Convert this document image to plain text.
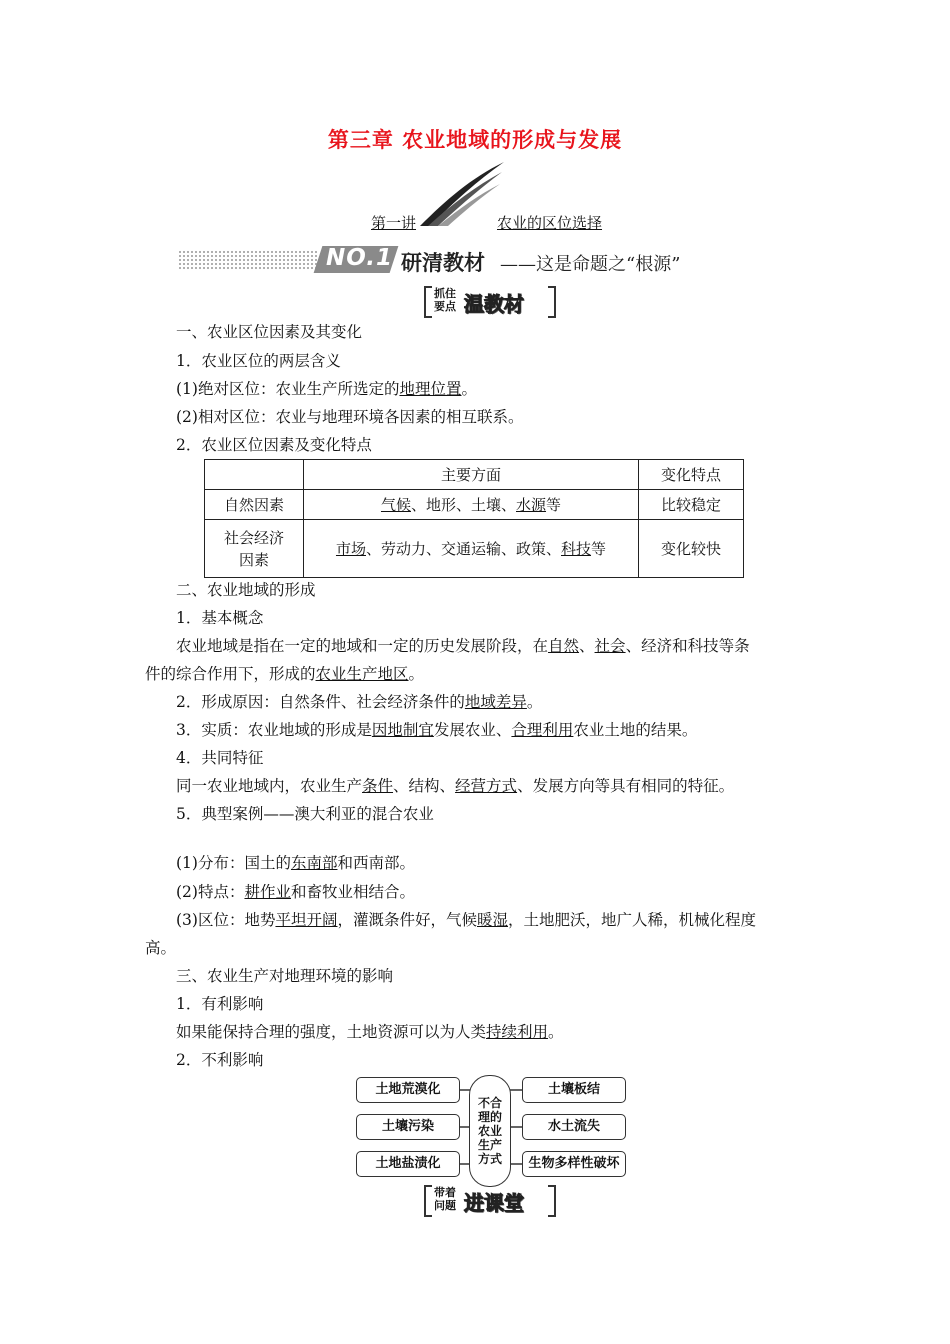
第三章 农业地域的形成与发展
第一讲	农业的区位选择
NO.1 研清教材 ——这是命题之“根源”
抓住
要点 温教材
一、农业区位因素及其变化
1．农业区位的两层含义
(1)绝对区位：农业生产所选定的地理位置。
(2)相对区位：农业与地理环境各因素的相互联系。
2．农业区位因素及变化特点
	主要方面	变化特点
自然因素	气候、地形、土壤、水源等	比较稳定

社会经济
因素	市场、劳动力、交通运输、政策、科技等	变化较快
二、农业地域的形成
1．基本概念
农业地域是指在一定的地域和一定的历史发展阶段，在自然、社会、经济和科技等条
件的综合作用下，形成的农业生产地区。
2．形成原因：自然条件、社会经济条件的地域差异。
3．实质：农业地域的形成是因地制宜发展农业、合理利用农业土地的结果。
4．共同特征
同一农业地域内，农业生产条件、结构、经营方式、发展方向等具有相同的特征。
5．典型案例——澳大利亚的混合农业
(1)分布：国土的东南部和西南部。
(2)特点：耕作业和畜牧业相结合。
(3)区位：地势平坦开阔，灌溉条件好，气候暖湿，土地肥沃，地广人稀，机械化程度
高。
三、农业生产对地理环境的影响
1．有利影响
如果能保持合理的强度，土地资源可以为人类持续利用。
2．不利影响
土地荒漠化
土壤污染
土地盐渍化
不合理的农业生产方式
土壤板结
水土流失
生物多样性破坏
带着
问题 进课堂
